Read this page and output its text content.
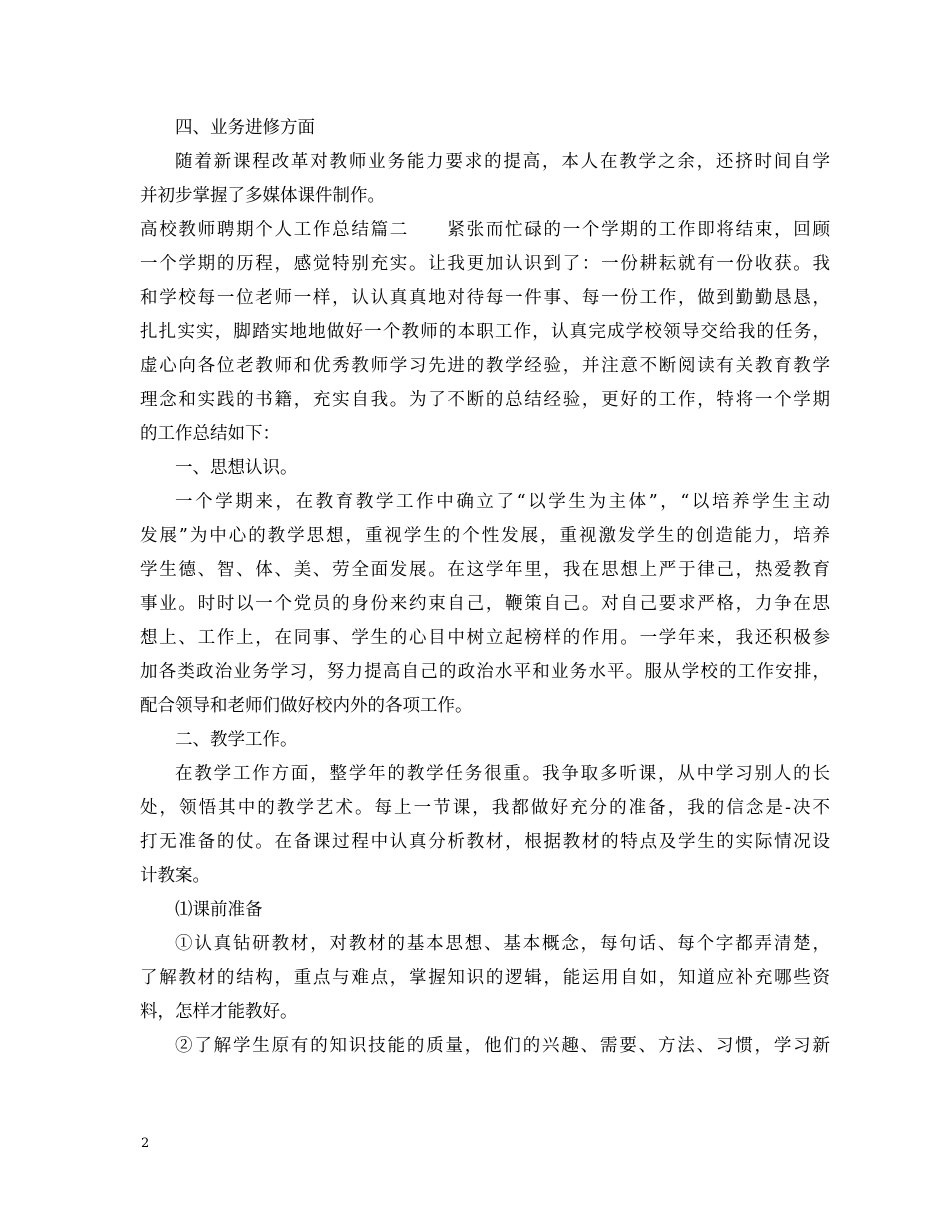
四、业务进修方面
随着新课程改革对教师业务能力要求的提高，本人在教学之余，还挤时间自学
并初步掌握了多媒体课件制作。
高校教师聘期个人工作总结篇二　　紧张而忙碌的一个学期的工作即将结束，回顾
一个学期的历程，感觉特别充实。让我更加认识到了：一份耕耘就有一份收获。我
和学校每一位老师一样，认认真真地对待每一件事、每一份工作，做到勤勤恳恳，
扎扎实实，脚踏实地地做好一个教师的本职工作，认真完成学校领导交给我的任务，
虚心向各位老教师和优秀教师学习先进的教学经验，并注意不断阅读有关教育教学
理念和实践的书籍，充实自我。为了不断的总结经验，更好的工作，特将一个学期
的工作总结如下：
一、思想认识。
一个学期来，在教育教学工作中确立了“以学生为主体”，“以培养学生主动
发展”为中心的教学思想，重视学生的个性发展，重视激发学生的创造能力，培养
学生德、智、体、美、劳全面发展。在这学年里，我在思想上严于律己，热爱教育
事业。时时以一个党员的身份来约束自己，鞭策自己。对自己要求严格，力争在思
想上、工作上，在同事、学生的心目中树立起榜样的作用。一学年来，我还积极参
加各类政治业务学习，努力提高自己的政治水平和业务水平。服从学校的工作安排，
配合领导和老师们做好校内外的各项工作。
二、教学工作。
在教学工作方面，整学年的教学任务很重。我争取多听课，从中学习别人的长
处，领悟其中的教学艺术。每上一节课，我都做好充分的准备，我的信念是-决不
打无准备的仗。在备课过程中认真分析教材，根据教材的特点及学生的实际情况设
计教案。
⑴课前准备
①认真钻研教材，对教材的基本思想、基本概念，每句话、每个字都弄清楚，
了解教材的结构，重点与难点，掌握知识的逻辑，能运用自如，知道应补充哪些资
料，怎样才能教好。
②了解学生原有的知识技能的质量，他们的兴趣、需要、方法、习惯，学习新
2
